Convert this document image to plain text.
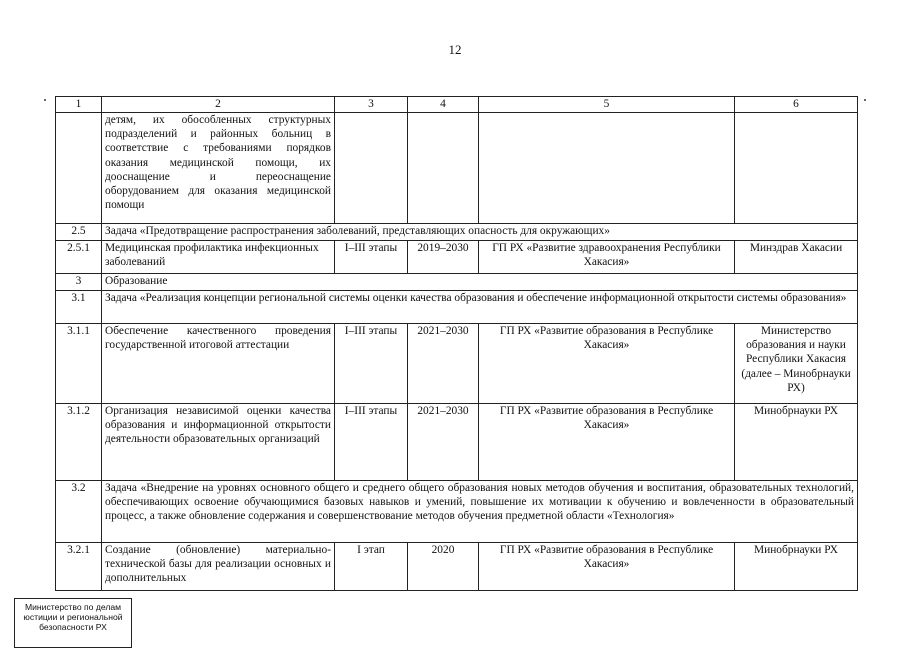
12
1	2	3	4	5	6
	детям, их обособленных структурных подразделений и районных больниц в соответствие с требованиями порядков оказания медицинской помощи, их дооснащение и переоснащение оборудованием для оказания медицинской помощи				
2.5	Задача «Предотвращение распространения заболеваний, представляющих опасность для окружающих»				
2.5.1	Медицинская профилактика инфекционных заболеваний	I–III этапы	2019–2030	ГП РХ «Развитие здравоохранения Республики Хакасия»	Минздрав Хакасии
3	Образование				
3.1	Задача «Реализация концепции региональной системы оценки качества образования и обеспечение информационной открытости системы образования»				
3.1.1	Обеспечение качественного проведения государственной итоговой аттестации	I–III этапы	2021–2030	ГП РХ «Развитие образования в Республике Хакасия»	Министерство образования и науки Республики Хакасия (далее – Минобрнауки РХ)
3.1.2	Организация независимой оценки качества образования и информационной открытости деятельности образовательных организаций	I–III этапы	2021–2030	ГП РХ «Развитие образования в Республике Хакасия»	Минобрнауки РХ
3.2	Задача «Внедрение на уровнях основного общего и среднего общего образования новых методов обучения и воспитания, образовательных технологий, обеспечивающих освоение обучающимися базовых навыков и умений, повышение их мотивации к обучению и вовлеченности в образовательный процесс, а также обновление содержания и совершенствование методов обучения предметной области «Технология»				
3.2.1	Создание (обновление) материально-технической базы для реализации основных и дополнительных	I этап	2020	ГП РХ «Развитие образования в Республике Хакасия»	Минобрнауки РХ
Министерство по делам
юстиции и региональной
безопасности РХ
